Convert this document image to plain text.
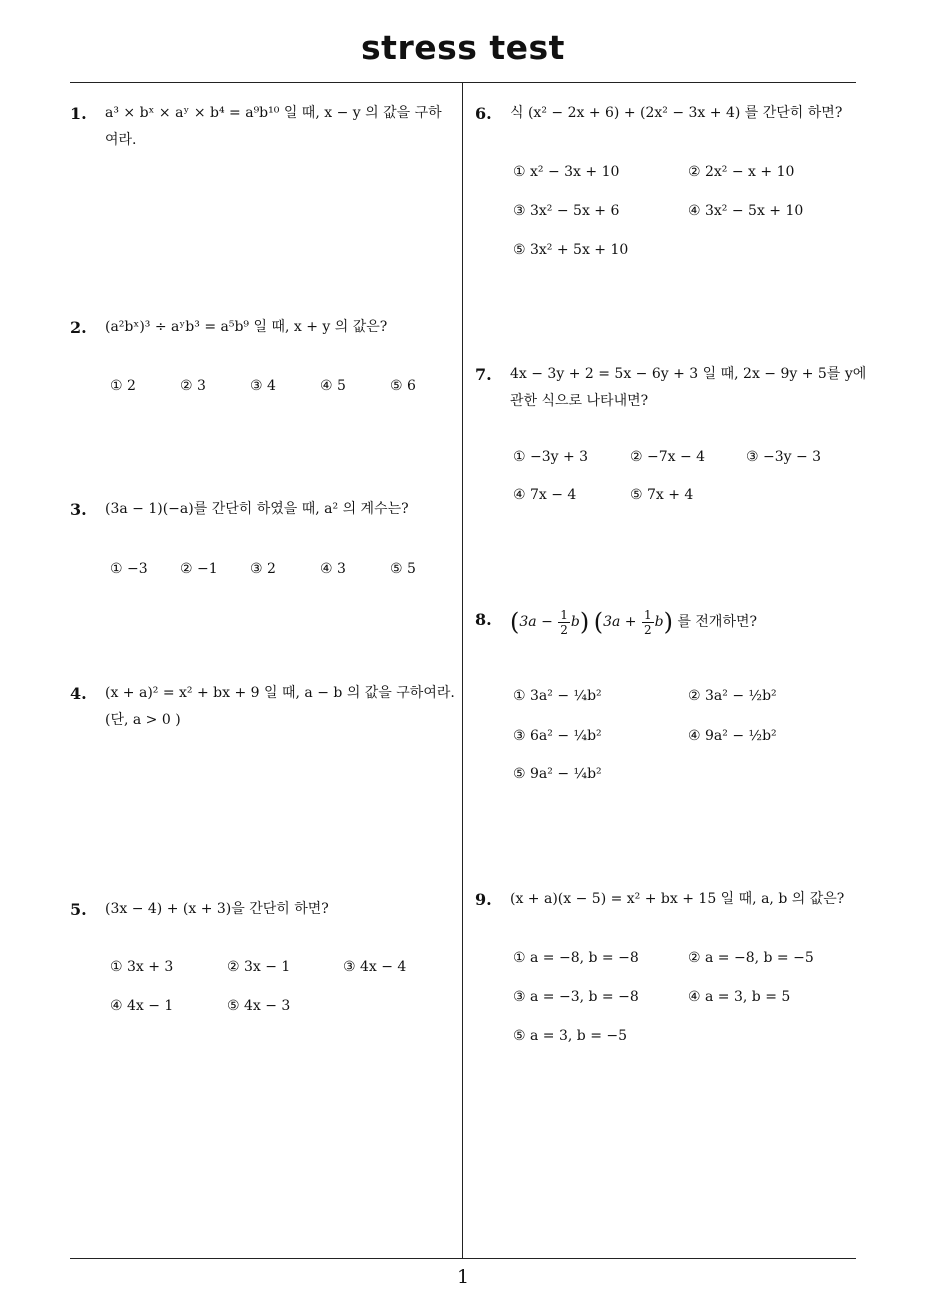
stress test
1
1. a³ × bˣ × aʸ × b⁴ = a⁹b¹⁰ 일 때, x − y 의 값을 구하
여라.
2. (a²bˣ)³ ÷ aʸb³ = a⁵b⁹ 일 때, x + y 의 값은?
① 2	② 3	③ 4	④ 5	⑤ 6
3. (3a − 1)(−a)를 간단히 하였을 때, a² 의 계수는?
① −3 ② −1 ③ 2	④ 3	⑤ 5
4. (x + a)² = x² + bx + 9 일 때, a − b 의 값을 구하여라.
(단, a > 0 )
5. (3x − 4) + (x + 3)을 간단히 하면?
① 3x + 3	② 3x − 1	③ 4x − 4
④ 4x − 1	⑤ 4x − 3
6. 식 (x² − 2x + 6) + (2x² − 3x + 4) 를 간단히 하면?
① x² − 3x + 10	② 2x² − x + 10
③ 3x² − 5x + 6	④ 3x² − 5x + 10
⑤ 3x² + 5x + 10
7. 4x − 3y + 2 = 5x − 6y + 3 일 때, 2x − 9y + 5를 y에
관한 식으로 나타내면?
① −3y + 3	② −7x − 4	③ −3y − 3
④ 7x − 4	⑤ 7x + 4
8. $(3a - \frac{1}{2} b)$ $(3a + \frac{1}{2} b)$ 를 전개하면?
① 3a² − ¼b²	② 3a² − ½b²
③ 6a² − ¼b²	④ 9a² − ½b²
⑤ 9a² − ¼b²
9. (x + a)(x − 5) = x² + bx + 15 일 때, a, b 의 값은?
① a = −8, b = −8	② a = −8, b = −5
③ a = −3, b = −8	④ a = 3, b = 5
⑤ a = 3, b = −5
